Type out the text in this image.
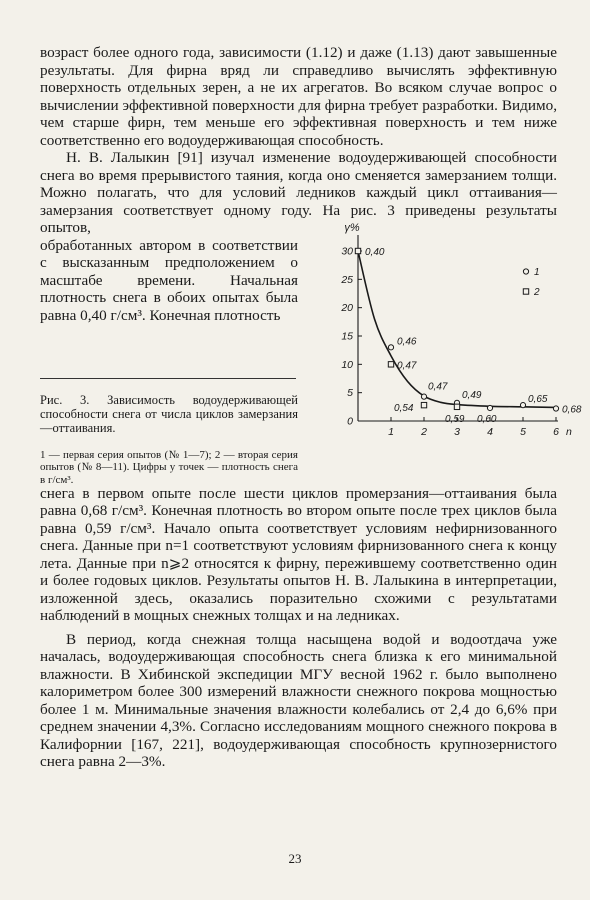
возраст более одного года, зависимости (1.12) и даже (1.13) дают завышенные результаты. Для фирна вряд ли справедливо вычислять эффективную поверхность отдельных зерен, а не их агрегатов. Во всяком случае вопрос о вычислении эффективной поверхности для фирна требует разработки. Видимо, чем старше фирн, тем меньше его эффективная поверхность и тем ниже соответственно его водоудерживающая способность.

Н. В. Лалыкин [91] изучал изменение водоудерживающей способности снега во время прерывистого таяния, когда оно сменяется замерзанием толщи. Можно полагать, что для условий ледников каждый цикл оттаивания—замерзания соответствует одному году. На рис. 3 приведены результаты опытов,

обработанных автором в соответствии с высказанным предположением о масштабе времени. Начальная плотность снега в обоих опытах была равна 0,40 г/см³. Конечная плотность

Рис. 3. Зависимость водоудерживающей способности снега от числа циклов замерзания—оттаивания.
1 — первая серия опытов (№ 1—7); 2 — вторая серия опытов (№ 8—11). Цифры у точек — плотность снега в г/см³.
0
5
10
15
20
25
30
1	2	3	4	5	6
γ%
n
0,46
0,47
0,49
0,60
0,65
0,68
0,40
0,47
0,54
0,59
1
2

снега в первом опыте после шести циклов промерзания—оттаивания была равна 0,68 г/см³. Конечная плотность во втором опыте после трех циклов была равна 0,59 г/см³. Начало опыта соответствует условиям нефирнизованного снега. Данные при n=1 соответствуют условиям фирнизованного снега к концу лета. Данные при n⩾2 относятся к фирну, пережившему соответственно один и более годовых циклов. Результаты опытов Н. В. Лалыкина в интерпретации, изложенной здесь, оказались поразительно схожими с результатами наблюдений в мощных снежных толщах и на ледниках.

В период, когда снежная толща насыщена водой и водоотдача уже началась, водоудерживающая способность снега близка к его минимальной влажности. В Хибинской экспедиции МГУ весной 1962 г. было выполнено калориметром более 300 измерений влажности снежного покрова мощностью более 1 м. Минимальные значения влажности колебались от 2,4 до 6,6% при среднем значении 4,3%. Согласно исследованиям мощного снежного покрова в Калифорнии [167, 221], водоудерживающая способность крупнозернистого снега равна 2—3%.

23
